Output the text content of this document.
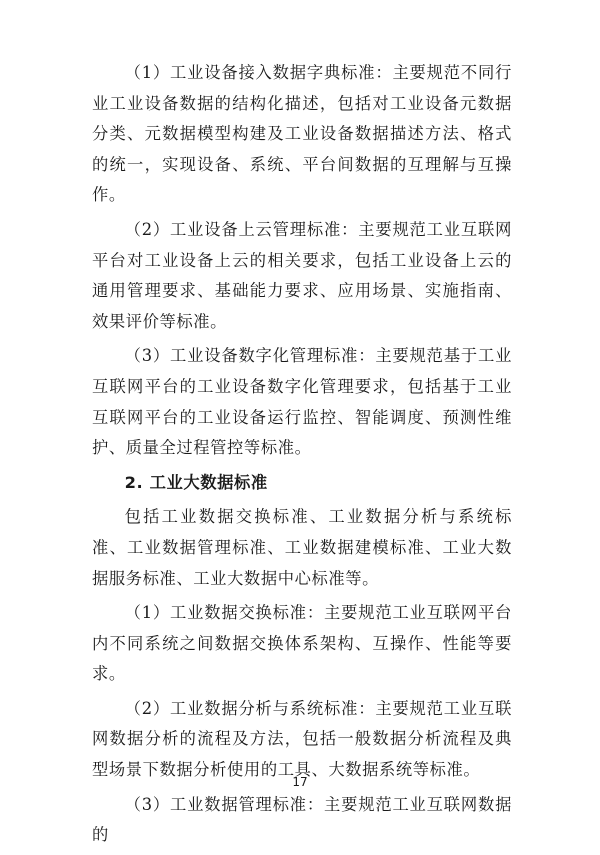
（1）工业设备接入数据字典标准：主要规范不同行业工业设备数据的结构化描述，包括对工业设备元数据分类、元数据模型构建及工业设备数据描述方法、格式的统一，实现设备、系统、平台间数据的互理解与互操作。

（2）工业设备上云管理标准：主要规范工业互联网平台对工业设备上云的相关要求，包括工业设备上云的通用管理要求、基础能力要求、应用场景、实施指南、效果评价等标准。

（3）工业设备数字化管理标准：主要规范基于工业互联网平台的工业设备数字化管理要求，包括基于工业互联网平台的工业设备运行监控、智能调度、预测性维护、质量全过程管控等标准。

2. 工业大数据标准

包括工业数据交换标准、工业数据分析与系统标准、工业数据管理标准、工业数据建模标准、工业大数据服务标准、工业大数据中心标准等。

（1）工业数据交换标准：主要规范工业互联网平台内不同系统之间数据交换体系架构、互操作、性能等要求。

（2）工业数据分析与系统标准：主要规范工业互联网数据分析的流程及方法，包括一般数据分析流程及典型场景下数据分析使用的工具、大数据系统等标准。

（3）工业数据管理标准：主要规范工业互联网数据的

17
